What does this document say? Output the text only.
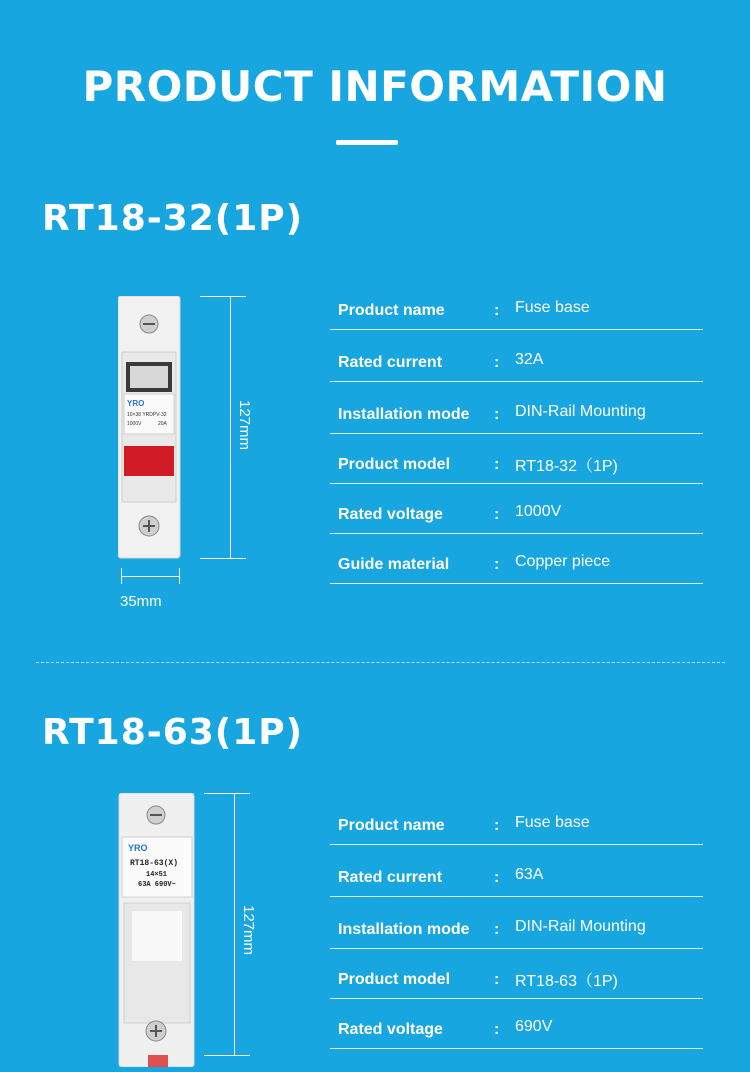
PRODUCT INFORMATION
RT18-32(1P)
YRO
10×38 YRDPV-32
1000V	20A	127mm
35mm
Product name	: Fuse base
Rated current	: 32A
Installation mode : DIN-Rail Mounting
Product model	: RT18-32（1P)
Rated voltage	: 1000V
Guide material	: Copper piece
RT18-63(1P)
YRO
RT18-63(X)
14×51
63A 690V~
127mm
Product name	: Fuse base
Rated current	: 63A
Installation mode : DIN-Rail Mounting
Product model	: RT18-63（1P)
Rated voltage	: 690V
